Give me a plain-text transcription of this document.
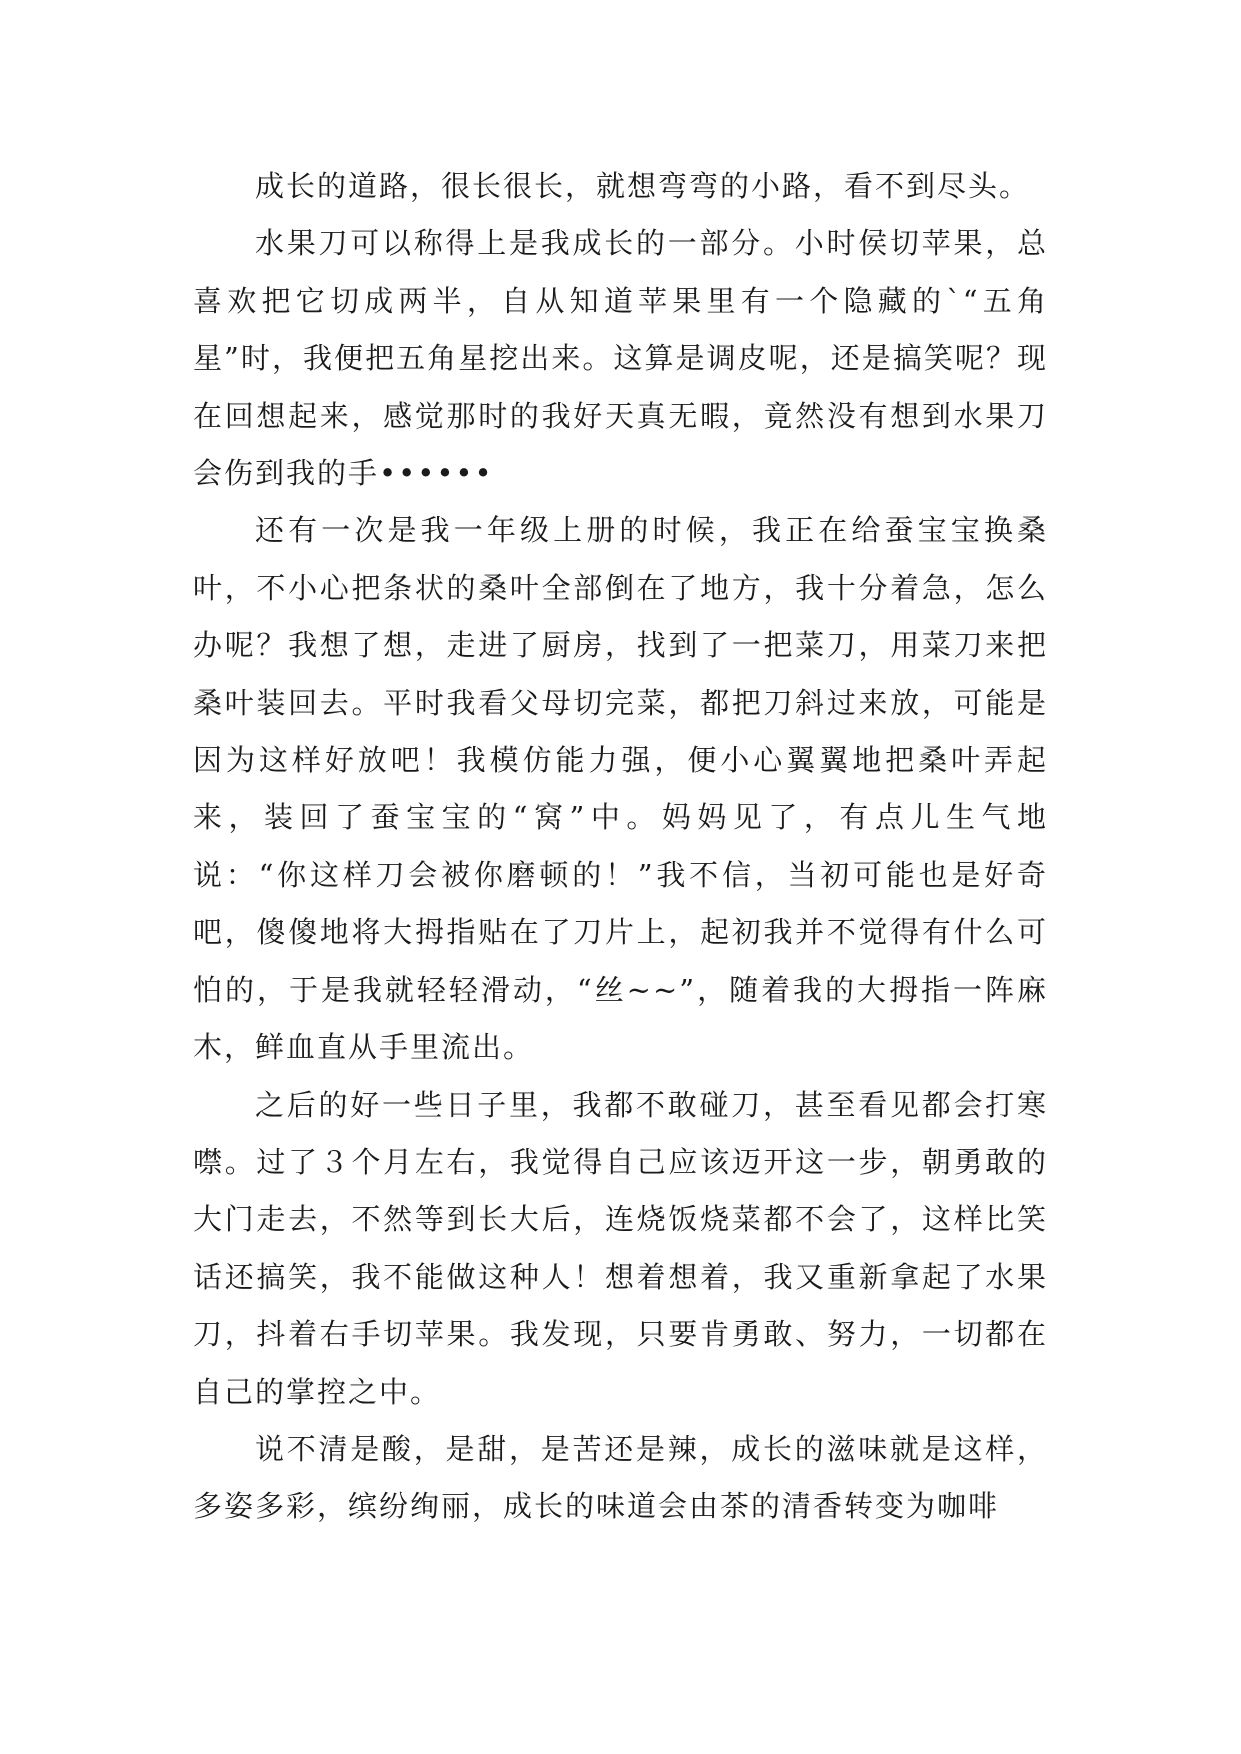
成长的道路，很长很长，就想弯弯的小路，看不到尽头。

水果刀可以称得上是我成长的一部分。小时侯切苹果，总喜欢把它切成两半，自从知道苹果里有一个隐藏的`“五角星”时，我便把五角星挖出来。这算是调皮呢，还是搞笑呢？现在回想起来，感觉那时的我好天真无暇，竟然没有想到水果刀会伤到我的手••••••

还有一次是我一年级上册的时候，我正在给蚕宝宝换桑叶，不小心把条状的桑叶全部倒在了地方，我十分着急，怎么办呢？我想了想，走进了厨房，找到了一把菜刀，用菜刀来把桑叶装回去。平时我看父母切完菜，都把刀斜过来放，可能是因为这样好放吧！我模仿能力强，便小心翼翼地把桑叶弄起来，装回了蚕宝宝的“窝”中。妈妈见了，有点儿生气地说：“你这样刀会被你磨顿的！”我不信，当初可能也是好奇吧，傻傻地将大拇指贴在了刀片上，起初我并不觉得有什么可怕的，于是我就轻轻滑动，“丝~~”，随着我的大拇指一阵麻木，鲜血直从手里流出。

之后的好一些日子里，我都不敢碰刀，甚至看见都会打寒噤。过了３个月左右，我觉得自己应该迈开这一步，朝勇敢的大门走去，不然等到长大后，连烧饭烧菜都不会了，这样比笑话还搞笑，我不能做这种人！想着想着，我又重新拿起了水果刀，抖着右手切苹果。我发现，只要肯勇敢、努力，一切都在自己的掌控之中。

说不清是酸，是甜，是苦还是辣，成长的滋味就是这样，多姿多彩，缤纷绚丽，成长的味道会由茶的清香转变为咖啡
